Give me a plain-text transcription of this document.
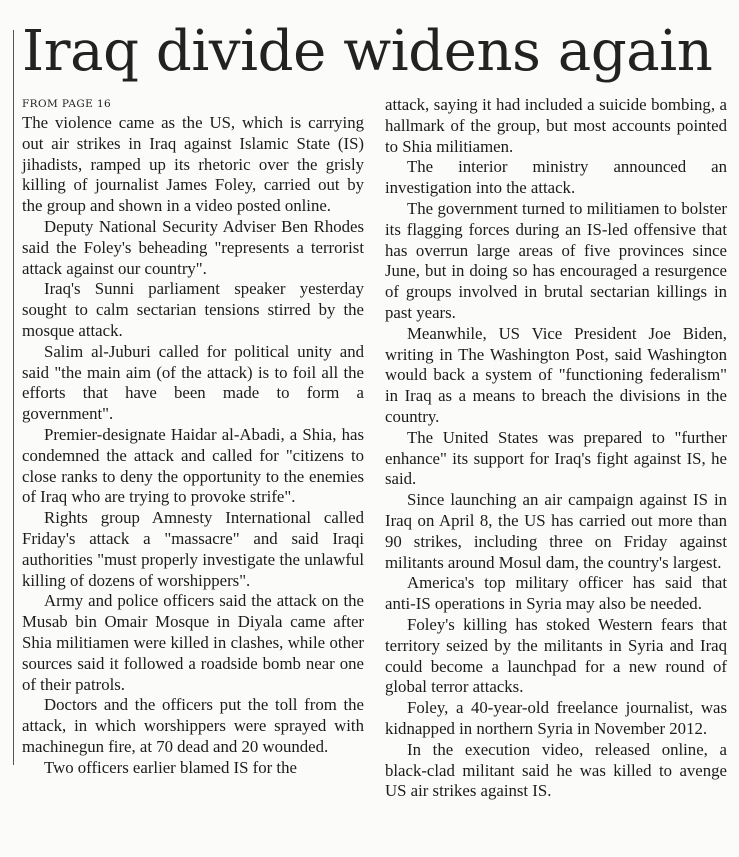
Iraq divide widens again
FROM PAGE 16

The violence came as the US, which is carrying out air strikes in Iraq against Islamic State (IS) jihadists, ramped up its rhetoric over the grisly killing of journalist James Foley, carried out by the group and shown in a video posted online.

Deputy National Security Adviser Ben Rhodes said the Foley's beheading "represents a terrorist attack against our country".

Iraq's Sunni parliament speaker yesterday sought to calm sectarian tensions stirred by the mosque attack.

Salim al-Juburi called for political unity and said "the main aim (of the attack) is to foil all the efforts that have been made to form a government".

Premier-designate Haidar al-Abadi, a Shia, has condemned the attack and called for "citizens to close ranks to deny the opportunity to the enemies of Iraq who are trying to provoke strife".

Rights group Amnesty International called Friday's attack a "massacre" and said Iraqi authorities "must properly investigate the unlawful killing of dozens of worshippers".

Army and police officers said the attack on the Musab bin Omair Mosque in Diyala came after Shia militiamen were killed in clashes, while other sources said it followed a roadside bomb near one of their patrols.

Doctors and the officers put the toll from the attack, in which worshippers were sprayed with machinegun fire, at 70 dead and 20 wounded.

Two officers earlier blamed IS for the

attack, saying it had included a suicide bombing, a hallmark of the group, but most accounts pointed to Shia militiamen.

The interior ministry announced an investigation into the attack.

The government turned to militiamen to bolster its flagging forces during an IS-led offensive that has overrun large areas of five provinces since June, but in doing so has encouraged a resurgence of groups involved in brutal sectarian killings in past years.

Meanwhile, US Vice President Joe Biden, writing in The Washington Post, said Washington would back a system of "functioning federalism" in Iraq as a means to breach the divisions in the country.

The United States was prepared to "further enhance" its support for Iraq's fight against IS, he said.

Since launching an air campaign against IS in Iraq on April 8, the US has carried out more than 90 strikes, including three on Friday against militants around Mosul dam, the country's largest.

America's top military officer has said that anti-IS operations in Syria may also be needed.

Foley's killing has stoked Western fears that territory seized by the militants in Syria and Iraq could become a launchpad for a new round of global terror attacks.

Foley, a 40-year-old freelance journalist, was kidnapped in northern Syria in November 2012.

In the execution video, released online, a black-clad militant said he was killed to avenge US air strikes against IS.
